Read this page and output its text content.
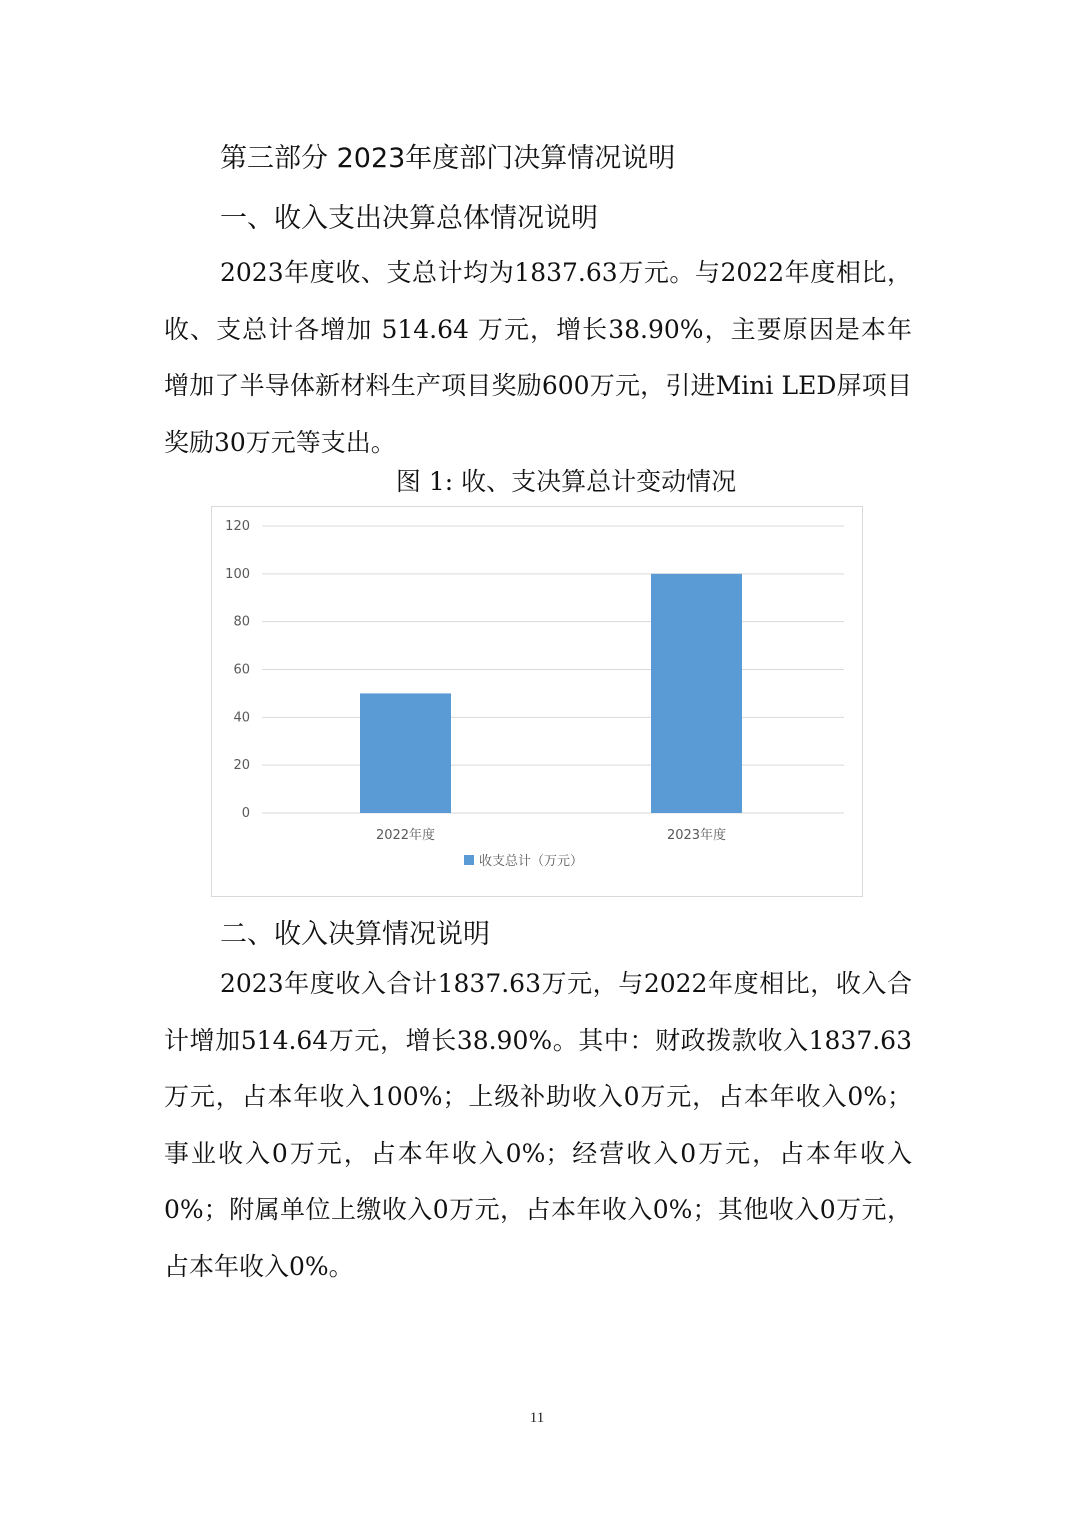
第三部分 2023年度部门决算情况说明
一、收入支出决算总体情况说明

2023年度收、支总计均为1837.63万元。与2022年度相比，收、支总计各增加 514.64 万元，增长38.90%，主要原因是本年增加了半导体新材料生产项目奖励600万元，引进Mini LED屏项目奖励30万元等支出。

图 1: 收、支决算总计变动情况
0
20
40
60
80
100
120
2022年度	2023年度
收支总计（万元）
二、收入决算情况说明

2023年度收入合计1837.63万元，与2022年度相比，收入合计增加514.64万元，增长38.90%。其中：财政拨款收入1837.63万元，占本年收入100%；上级补助收入0万元，占本年收入0%；事业收入0万元，占本年收入0%；经营收入0万元，占本年收入0%；附属单位上缴收入0万元，占本年收入0%；其他收入0万元，占本年收入0%。

11
